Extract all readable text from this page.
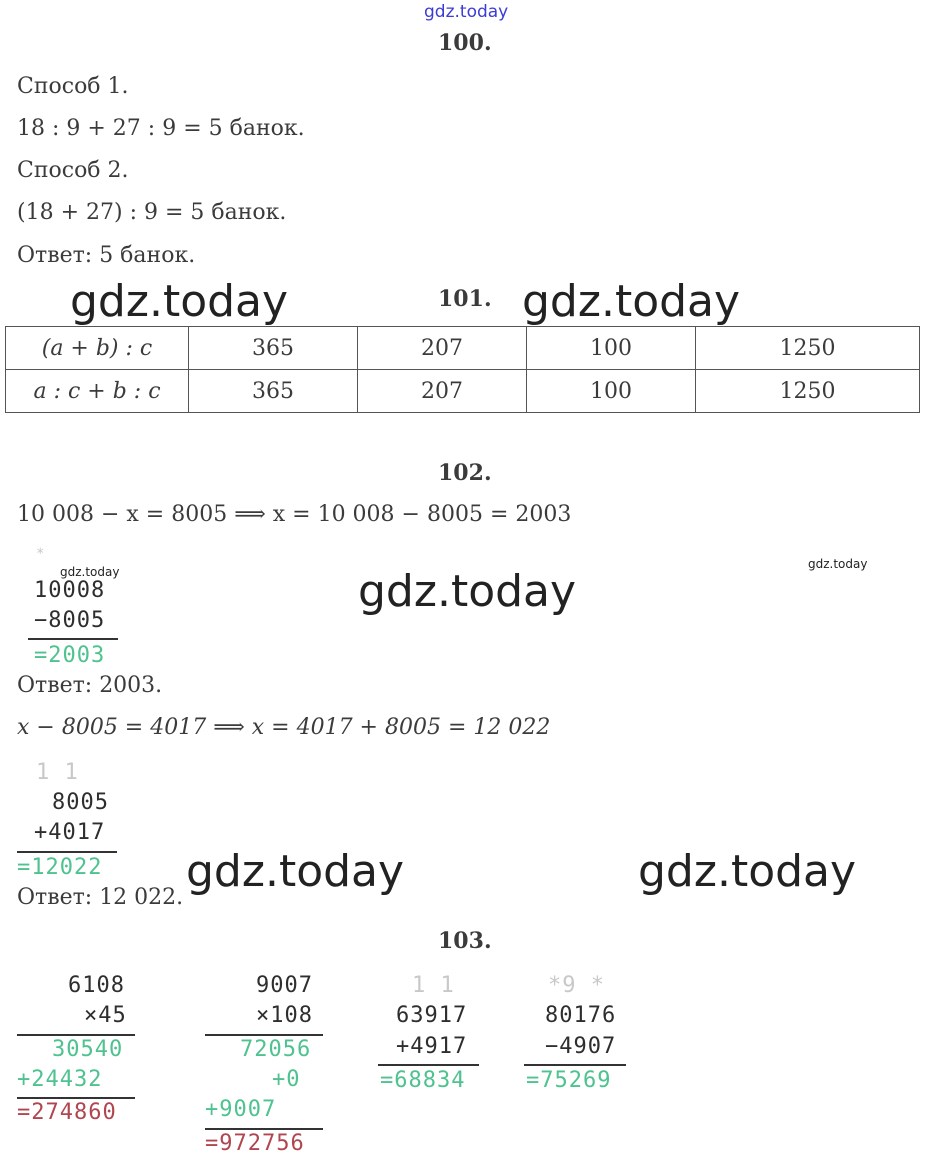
gdz.today
100.
Способ 1.
18 : 9 + 27 : 9 = 5 банок.
Способ 2.
(18 + 27) : 9 = 5 банок.
Ответ: 5 банок.
gdz.today	gdz.today
101.
(a + b) : c	365	207	100	1250
a : c + b : c	365	207	100	1250
102.
10 008 − x = 8005 ⟹ x = 10 008 − 8005 = 2003
*
gdz.today
gdz.today
gdz.today
10008
−8005
=2003
Ответ: 2003.
x − 8005 = 4017 ⟹ x = 4017 + 8005 = 12 022
1 1
8005
+4017
=12022 gdz.today	gdz.today
Ответ: 12 022.
103.
6108
×45
30540
+24432
=274860
9007
×108
72056
+0
+9007
=972756
1 1
63917
+4917
=68834
*9 *
80176
−4907
=75269
